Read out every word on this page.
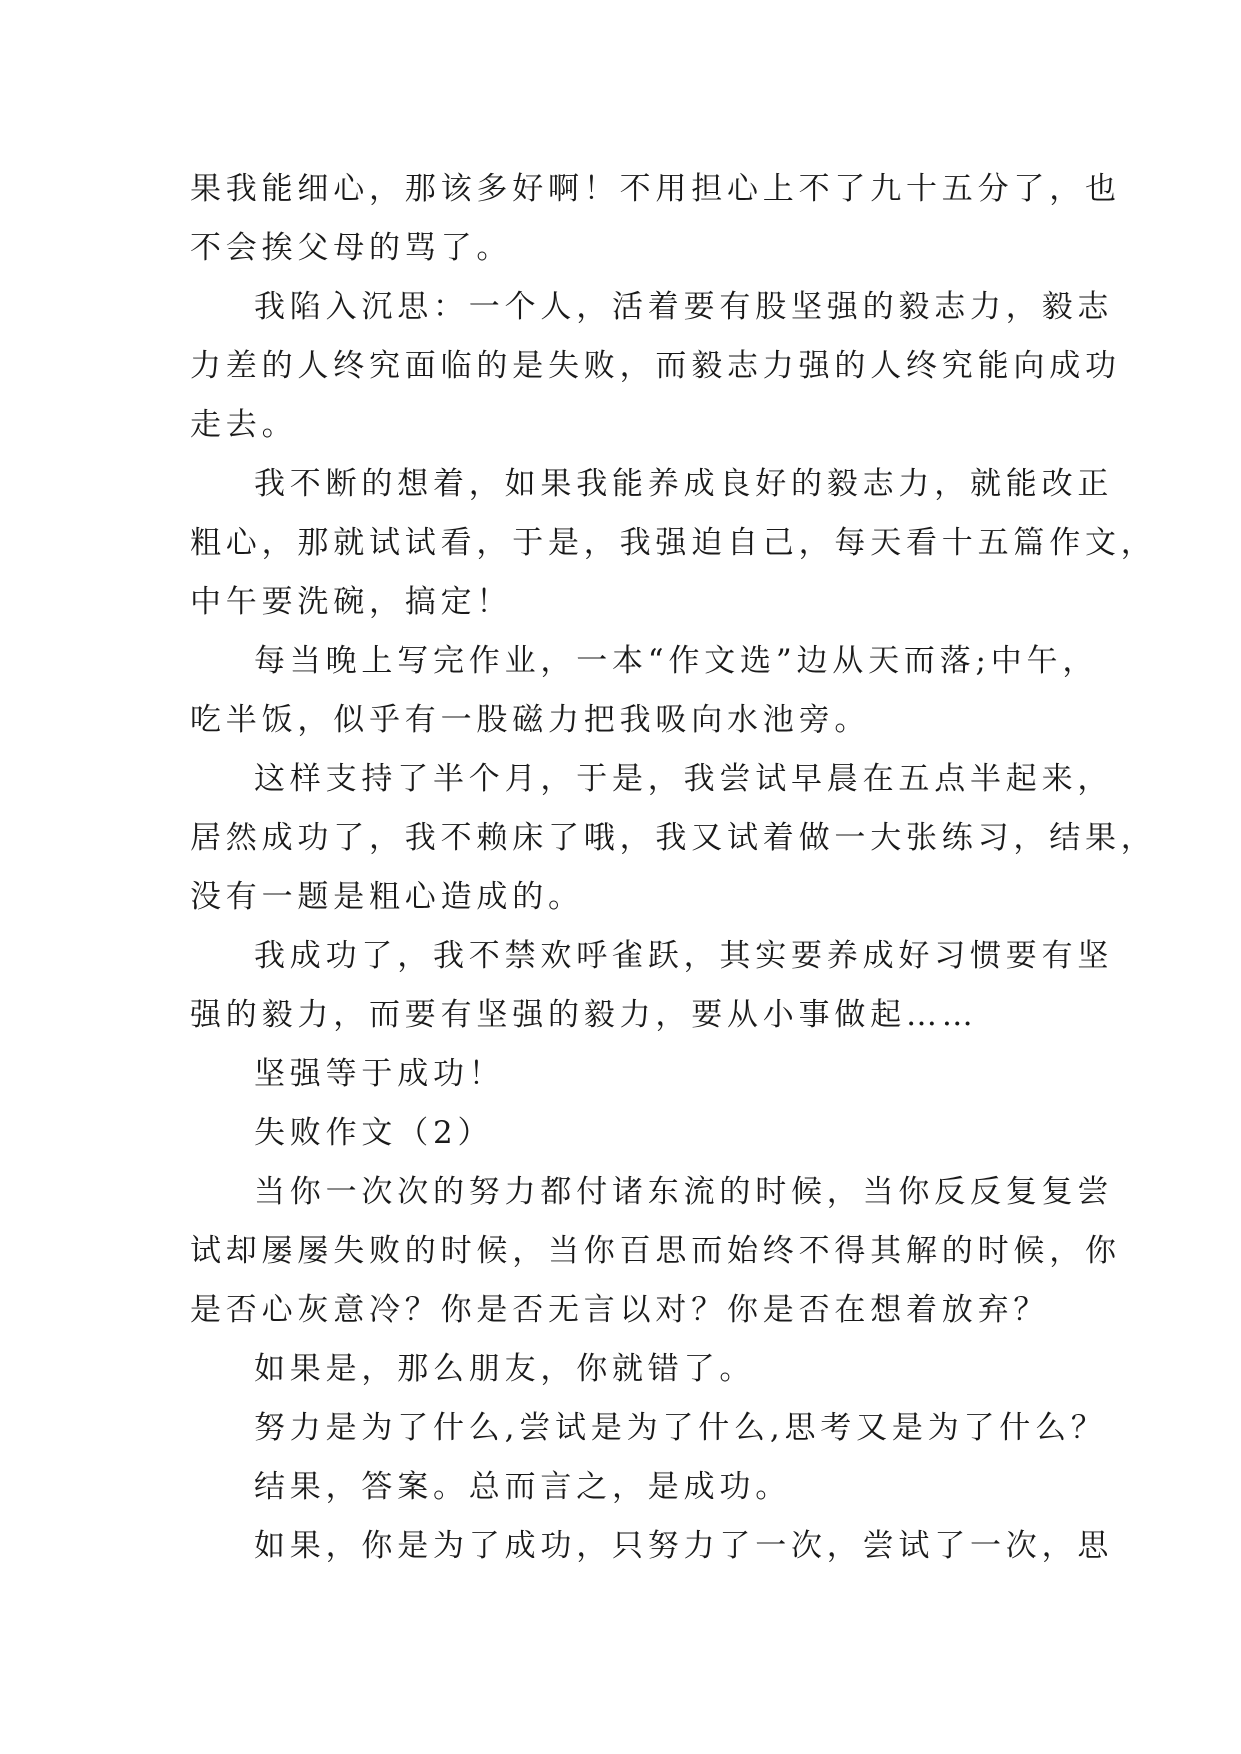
果我能细心，那该多好啊！不用担心上不了九十五分了，也
不会挨父母的骂了。
我陷入沉思：一个人，活着要有股坚强的毅志力，毅志
力差的人终究面临的是失败，而毅志力强的人终究能向成功
走去。
我不断的想着，如果我能养成良好的毅志力，就能改正
粗心，那就试试看，于是，我强迫自己，每天看十五篇作文，
中午要洗碗，搞定！
每当晚上写完作业，一本“作文选”边从天而落;中午，
吃半饭，似乎有一股磁力把我吸向水池旁。
这样支持了半个月，于是，我尝试早晨在五点半起来，
居然成功了，我不赖床了哦，我又试着做一大张练习，结果，
没有一题是粗心造成的。
我成功了，我不禁欢呼雀跃，其实要养成好习惯要有坚
强的毅力，而要有坚强的毅力，要从小事做起……
坚强等于成功！
失败作文（2）
当你一次次的努力都付诸东流的时候，当你反反复复尝
试却屡屡失败的时候，当你百思而始终不得其解的时候，你
是否心灰意冷？你是否无言以对？你是否在想着放弃？
如果是，那么朋友，你就错了。
努力是为了什么,尝试是为了什么,思考又是为了什么？
结果，答案。总而言之，是成功。
如果，你是为了成功，只努力了一次，尝试了一次，思
